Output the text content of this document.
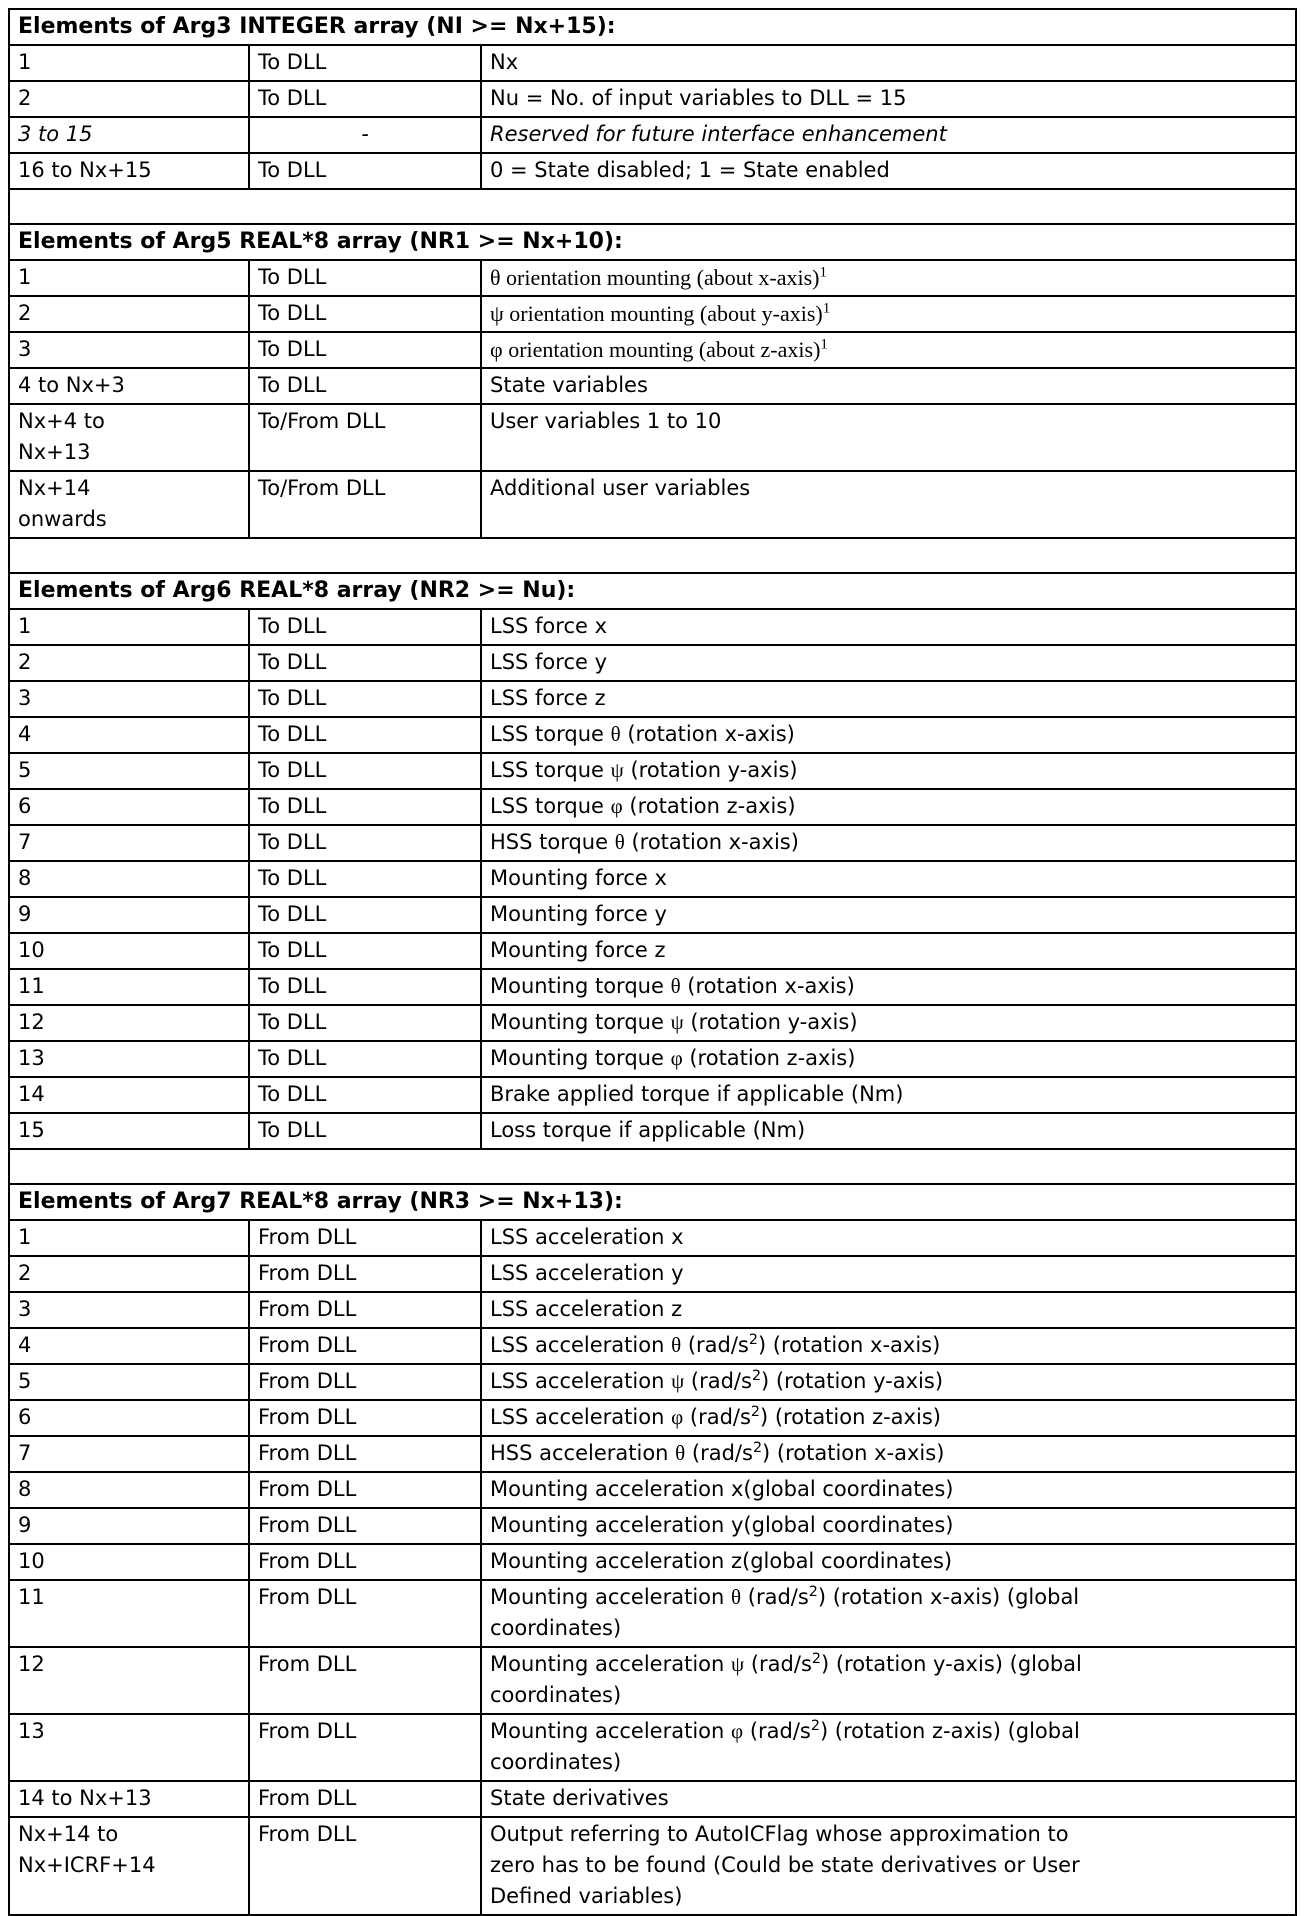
Elements of Arg3 INTEGER array (NI >= Nx+15):		
1	To DLL	Nx
2	To DLL	Nu = No. of input variables to DLL = 15
3 to 15	-	Reserved for future interface enhancement
16 to Nx+15	To DLL	0 = State disabled; 1 = State enabled
Elements of Arg5 REAL*8 array (NR1 >= Nx+10):		
1	To DLL	θ orientation mounting (about x-axis)$^1$
2	To DLL	ψ orientation mounting (about y-axis)$^1$
3	To DLL	φ orientation mounting (about z-axis)$^1$
4 to Nx+3	To DLL	State variables
Nx+4 to
Nx+13	To/From DLL	User variables 1 to 10
Nx+14
onwards	To/From DLL	Additional user variables
Elements of Arg6 REAL*8 array (NR2 >= Nu):		
1	To DLL	LSS force x
2	To DLL	LSS force y
3	To DLL	LSS force z
4	To DLL	LSS torque θ (rotation x-axis)
5	To DLL	LSS torque ψ (rotation y-axis)
6	To DLL	LSS torque φ (rotation z-axis)
7	To DLL	HSS torque θ (rotation x-axis)
8	To DLL	Mounting force x
9	To DLL	Mounting force y
10	To DLL	Mounting force z
11	To DLL	Mounting torque θ (rotation x-axis)
12	To DLL	Mounting torque ψ (rotation y-axis)
13	To DLL	Mounting torque φ (rotation z-axis)
14	To DLL	Brake applied torque if applicable (Nm)
15	To DLL	Loss torque if applicable (Nm)
Elements of Arg7 REAL*8 array (NR3 >= Nx+13):		
1	From DLL	LSS acceleration x
2	From DLL	LSS acceleration y
3	From DLL	LSS acceleration z
4	From DLL	LSS acceleration θ $(rad/s^2)$ (rotation x-axis)
5	From DLL	LSS acceleration ψ $(rad/s^2)$ (rotation y-axis)
6	From DLL	LSS acceleration φ $(rad/s^2)$ (rotation z-axis)
7	From DLL	HSS acceleration θ $(rad/s^2)$ (rotation x-axis)
8	From DLL	Mounting acceleration x(global coordinates)
9	From DLL	Mounting acceleration y(global coordinates)
10	From DLL	Mounting acceleration z(global coordinates)
11	From DLL	Mounting acceleration θ $(rad/s^2)$ (rotation x-axis) (global
coordinates)
12	From DLL	Mounting acceleration ψ $(rad/s^2)$ (rotation y-axis) (global
coordinates)
13	From DLL	Mounting acceleration φ $(rad/s^2)$ (rotation z-axis) (global
coordinates)
14 to Nx+13	From DLL	State derivatives
Nx+14 to
Nx+ICRF+14	From DLL	Output referring to AutoICFlag whose approximation to
zero has to be found (Could be state derivatives or User
Defined variables)
